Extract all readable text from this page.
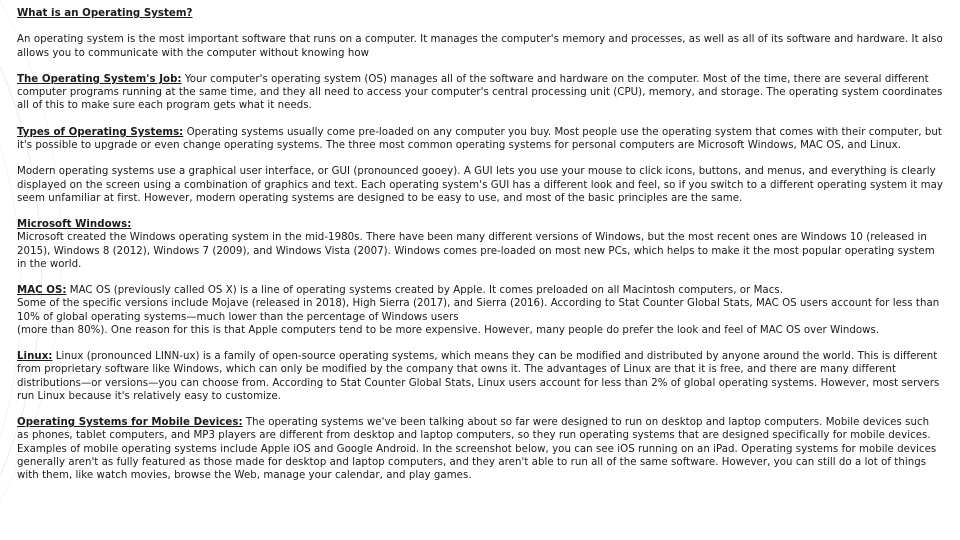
What is an Operating System?

An operating system is the most important software that runs on a computer. It manages the computer's memory and processes, as well as all of its software and hardware. It also allows you to communicate with the computer without knowing how

The Operating System's Job: Your computer's operating system (OS) manages all of the software and hardware on the computer. Most of the time, there are several different computer programs running at the same time, and they all need to access your computer's central processing unit (CPU), memory, and storage. The operating system coordinates all of this to make sure each program gets what it needs.

Types of Operating Systems: Operating systems usually come pre-loaded on any computer you buy. Most people use the operating system that comes with their computer, but it's possible to upgrade or even change operating systems. The three most common operating systems for personal computers are Microsoft Windows, MAC OS, and Linux.

Modern operating systems use a graphical user interface, or GUI (pronounced gooey). A GUI lets you use your mouse to click icons, buttons, and menus, and everything is clearly displayed on the screen using a combination of graphics and text. Each operating system's GUI has a different look and feel, so if you switch to a different operating system it may seem unfamiliar at first. However, modern operating systems are designed to be easy to use, and most of the basic principles are the same.

Microsoft Windows:
Microsoft created the Windows operating system in the mid-1980s. There have been many different versions of Windows, but the most recent ones are Windows 10 (released in 2015), Windows 8 (2012), Windows 7 (2009), and Windows Vista (2007). Windows comes pre-loaded on most new PCs, which helps to make it the most popular operating system in the world.

MAC OS: MAC OS (previously called OS X) is a line of operating systems created by Apple. It comes preloaded on all Macintosh computers, or Macs.
Some of the specific versions include Mojave (released in 2018), High Sierra (2017), and Sierra (2016). According to Stat Counter Global Stats, MAC OS users account for less than 10% of global operating systems—much lower than the percentage of Windows users
(more than 80%). One reason for this is that Apple computers tend to be more expensive. However, many people do prefer the look and feel of MAC OS over Windows.

Linux: Linux (pronounced LINN-ux) is a family of open-source operating systems, which means they can be modified and distributed by anyone around the world. This is different from proprietary software like Windows, which can only be modified by the company that owns it. The advantages of Linux are that it is free, and there are many different distributions—or versions—you can choose from. According to Stat Counter Global Stats, Linux users account for less than 2% of global operating systems. However, most servers run Linux because it's relatively easy to customize.

Operating Systems for Mobile Devices: The operating systems we've been talking about so far were designed to run on desktop and laptop computers. Mobile devices such as phones, tablet computers, and MP3 players are different from desktop and laptop computers, so they run operating systems that are designed specifically for mobile devices. Examples of mobile operating systems include Apple iOS and Google Android. In the screenshot below, you can see iOS running on an iPad. Operating systems for mobile devices generally aren't as fully featured as those made for desktop and laptop computers, and they aren't able to run all of the same software. However, you can still do a lot of things with them, like watch movies, browse the Web, manage your calendar, and play games.
